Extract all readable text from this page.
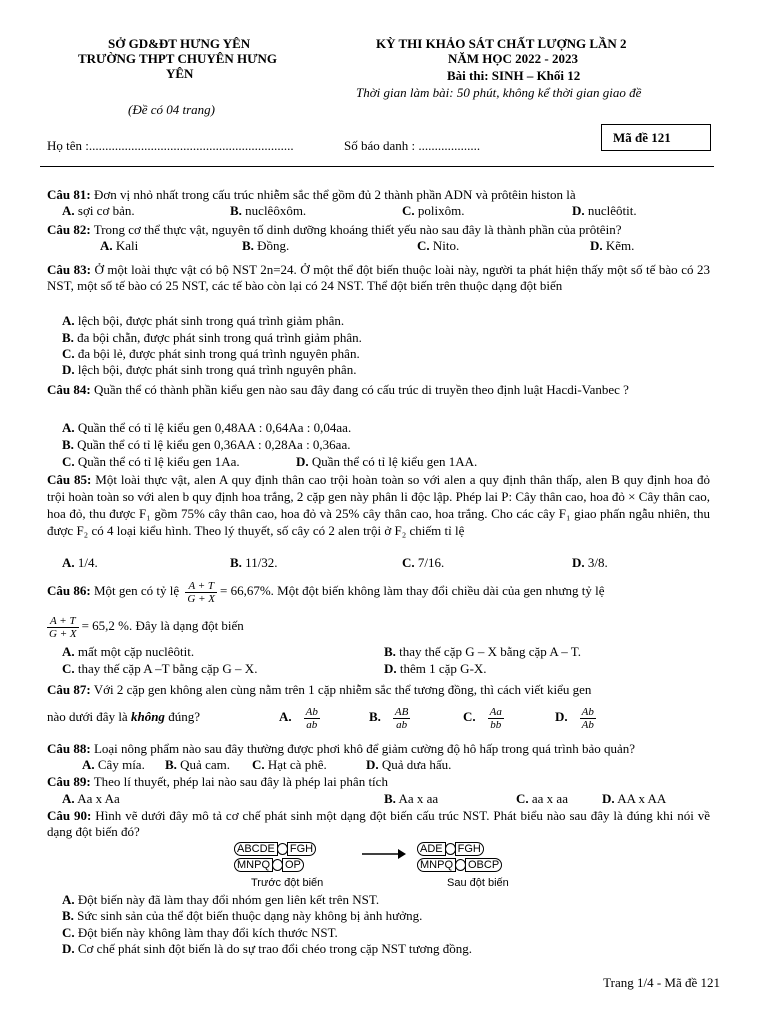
SỞ GD&ĐT HƯNG YÊN
TRƯỜNG THPT CHUYÊN HƯNG
YÊN
(Đề có 04 trang)
KỲ THI KHẢO SÁT CHẤT LƯỢNG LẦN 2
NĂM HỌC 2022 - 2023
Bài thi: SINH – Khối 12
Thời gian làm bài: 50 phút, không kể thời gian giao đề
Họ tên :...............................................................	Số báo danh : ...................
Mã đề 121
Câu 81: Đơn vị nhỏ nhất trong cấu trúc nhiễm sắc thể gồm đủ 2 thành phần ADN và prôtêin histon là
A. sợi cơ bản.	B. nuclêôxôm.	C. polixôm.	D. nuclêôtit.
Câu 82: Trong cơ thể thực vật, nguyên tố dinh dưỡng khoáng thiết yếu nào sau đây là thành phần của prôtêin?
A. Kali	B. Đồng.	C. Nito.	D. Kẽm.
Câu 83: Ở một loài thực vật có bộ NST 2n=24. Ở một thể đột biến thuộc loài này, người ta phát hiện thấy một số tế bào có 23 NST, một số tế bào có 25 NST, các tế bào còn lại có 24 NST. Thể đột biến trên thuộc dạng đột biến
A. lệch bội, được phát sinh trong quá trình giảm phân.
B. đa bội chẵn, được phát sinh trong quá trình giảm phân.
C. đa bội lẻ, được phát sinh trong quá trình nguyên phân.
D. lệch bội, được phát sinh trong quá trình nguyên phân.
Câu 84: Quần thể có thành phần kiểu gen nào sau đây đang có cấu trúc di truyền theo định luật Hacdi-Vanbec ?
A. Quần thể có tỉ lệ kiểu gen 0,48AA : 0,64Aa : 0,04aa.
B. Quần thể có tỉ lệ kiểu gen 0,36AA : 0,28Aa : 0,36aa.
C. Quần thể có tỉ lệ kiểu gen 1Aa.	D. Quần thể có tỉ lệ kiểu gen 1AA.
Câu 85: Một loài thực vật, alen A quy định thân cao trội hoàn toàn so với alen a quy định thân thấp, alen B quy định hoa đỏ trội hoàn toàn so với alen b quy định hoa trắng, 2 cặp gen này phân li độc lập. Phép lai P: Cây thân cao, hoa đỏ × Cây thân cao, hoa đỏ, thu được F₁ gồm 75% cây thân cao, hoa đỏ và 25% cây thân cao, hoa trắng. Cho các cây F₁ giao phấn ngẫu nhiên, thu được F₂ có 4 loại kiểu hình. Theo lý thuyết, số cây có 2 alen trội ở F₂ chiếm tỉ lệ
A. 1/4.	B. 11/32.	C. 7/16.	D. 3/8.
Câu 86: Một gen có tỷ lệ $\frac{A + T}{G + X} = 66,67\%$. Một đột biến không làm thay đổi chiều dài của gen nhưng tỷ lệ
$\frac{A + T}{G + X} = 65,2$ %. Đây là dạng đột biến
A. mất một cặp nuclêôtit.	B. thay thế cặp G – X bằng cặp A – T.
C. thay thế cặp A –T bằng cặp G – X.	D. thêm 1 cặp G-X.
Câu 87: Với 2 cặp gen không alen cùng nằm trên 1 cặp nhiễm sắc thể tương đồng, thì cách viết kiểu gen
nào dưới đây là không đúng?	A. $\frac{Ab}{ab}$	B. $\frac{AB}{ab}$	C. $\frac{Aa}{bb}$	D. $\frac{Ab}{Ab}$
Câu 88: Loại nông phẩm nào sau đây thường được phơi khô để giảm cường độ hô hấp trong quá trình bảo quản?
A. Cây mía. B. Quả cam. C. Hạt cà phê.	D. Quả dưa hấu.
Câu 89: Theo lí thuyết, phép lai nào sau đây là phép lai phân tích
A. Aa x Aa	B. Aa x aa	C. aa x aa	D. AA x AA
Câu 90: Hình vẽ dưới đây mô tả cơ chế phát sinh một dạng đột biến cấu trúc NST. Phát biểu nào sau đây là đúng khi nói về dạng đột biến đó?
ABCDE FGH
MNPQ OP
ADE FGH
MNPQ OBCP
Trước đột biến	Sau đột biến
A. Đột biến này đã làm thay đổi nhóm gen liên kết trên NST.
B. Sức sinh sản của thể đột biến thuộc dạng này không bị ảnh hưởng.
C. Đột biến này không làm thay đổi kích thước NST.
D. Cơ chế phát sinh đột biến là do sự trao đổi chéo trong cặp NST tương đồng.
Trang 1/4 - Mã đề 121
